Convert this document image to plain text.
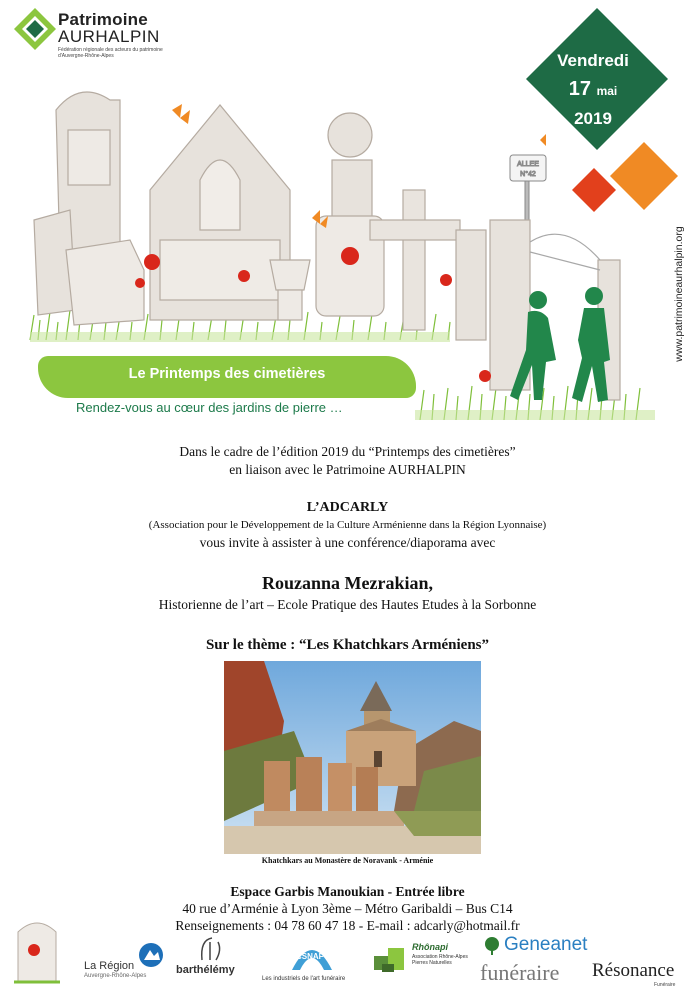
Patrimoine
AURHALPIN
Fédération régionale des acteurs du patrimoine d'Auvergne-Rhône-Alpes
ALLEE
N°42
Vendredi
17 mai
2019
www.patrimoineaurhalpin.org
Le Printemps des cimetières
Rendez-vous au cœur des jardins de pierre …
Dans le cadre de l’édition 2019 du “Printemps des cimetières”
en liaison avec le Patrimoine AURHALPIN
L’ADCARLY
(Association pour le Développement de la Culture Arménienne dans la Région Lyonnaise)
vous invite à assister à une conférence/diaporama avec
Rouzanna Mezrakian,
Historienne de l’art – Ecole Pratique des Hautes Etudes à la Sorbonne
Sur le thème : “Les Khatchkars Arméniens”
Khatchkars au Monastère de Noravank - Arménie
Espace Garbis Manoukian - Entrée libre
40 rue d’Arménie à Lyon 3ème – Métro Garibaldi – Bus C14
Renseignements : 04 78 60 47 18 - E-mail : adcarly@hotmail.fr
La Région
Auvergne-Rhône-Alpes	barthélémy
CSNAF
Les industriels de l'art funéraire
Rhônapi
Association Rhône-Alpes Pierres Naturelles
Geneanet
funéraire Résonance
Funéraire
